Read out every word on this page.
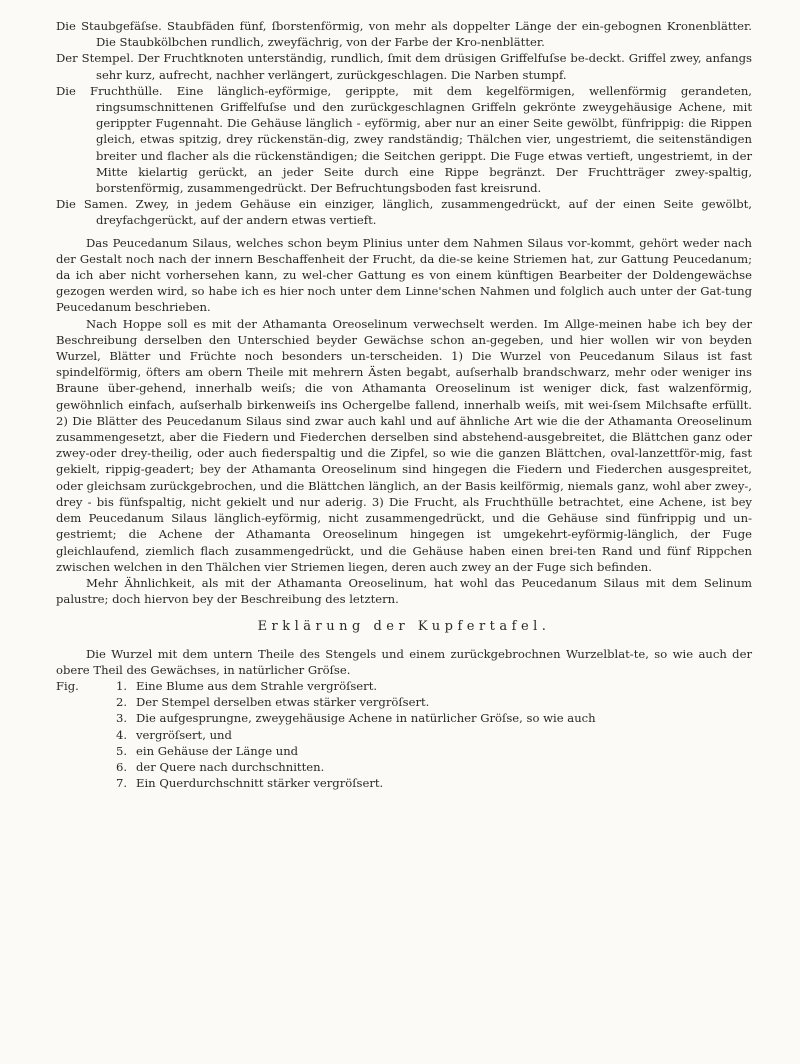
Die Staubgefäſse. Staubfäden fünf, ſborstenförmig, von mehr als doppelter Länge der ein-gebognen Kronenblätter. Die Staubkölbchen rundlich, zweyfächrig, von der Farbe der Kro-nenblätter.

Der Stempel. Der Fruchtknoten unterständig, rundlich, ſmit dem drüsigen Griffelfuſse be-deckt. Griffel zwey, anfangs sehr kurz, aufrecht, nachher verlängert, zurückgeschlagen. Die Narben stumpf.

Die Fruchthülle. Eine länglich-eyförmige, gerippte, mit dem kegelförmigen, wellenförmig gerandeten, ringsumschnittenen Griffelfuſse und den zurückgeschlagnen Griffeln gekrönte zweygehäusige Achene, mit gerippter Fugennaht. Die Gehäuse länglich - eyförmig, aber nur an einer Seite gewölbt, fünfrippig: die Rippen gleich, etwas spitzig, drey rückenstän-dig, zwey randständig; Thälchen vier, ungestriemt, die seitenständigen breiter und flacher als die rückenständigen; die Seitchen gerippt. Die Fuge etwas vertieft, ungestriemt, in der Mitte kielartig gerückt, an jeder Seite durch eine Rippe begränzt. Der Fruchtträger zwey-spaltig, borstenförmig, zusammengedrückt. Der Befruchtungsboden fast kreisrund.

Die Samen. Zwey, in jedem Gehäuse ein einziger, länglich, zusammengedrückt, auf der einen Seite gewölbt, dreyfachgerückt, auf der andern etwas vertieft.

Das Peucedanum Silaus, welches schon beym Plinius unter dem Nahmen Silaus vor-kommt, gehört weder nach der Gestalt noch nach der innern Beschaffenheit der Frucht, da die-se keine Striemen hat, zur Gattung Peucedanum; da ich aber nicht vorhersehen kann, zu wel-cher Gattung es von einem künftigen Bearbeiter der Doldengewächse gezogen werden wird, so habe ich es hier noch unter dem Linne'schen Nahmen und folglich auch unter der Gat-tung Peucedanum beschrieben.

Nach Hoppe soll es mit der Athamanta Oreoselinum verwechselt werden. Im Allge-meinen habe ich bey der Beschreibung derselben den Unterschied beyder Gewächse schon an-gegeben, und hier wollen wir von beyden Wurzel, Blätter und Früchte noch besonders un-terscheiden. 1) Die Wurzel von Peucedanum Silaus ist fast spindelförmig, öfters am obern Theile mit mehrern Ästen begabt, auſserhalb brandschwarz, mehr oder weniger ins Braune über-gehend, innerhalb weiſs; die von Athamanta Oreoselinum ist weniger dick, fast walzenförmig, gewöhnlich einfach, auſserhalb birkenweiſs ins Ochergelbe fallend, innerhalb weiſs, mit wei-ſsem Milchsafte erfüllt. 2) Die Blätter des Peucedanum Silaus sind zwar auch kahl und auf ähnliche Art wie die der Athamanta Oreoselinum zusammengesetzt, aber die Fiedern und Fiederchen derselben sind abstehend-ausgebreitet, die Blättchen ganz oder zwey-oder drey-theilig, oder auch fiederspaltig und die Zipfel, so wie die ganzen Blättchen, oval-lanzettför-mig, fast gekielt, rippig-geadert; bey der Athamanta Oreoselinum sind hingegen die Fiedern und Fiederchen ausgespreitet, oder gleichsam zurückgebrochen, und die Blättchen länglich, an der Basis keilförmig, niemals ganz, wohl aber zwey-, drey - bis fünfspaltig, nicht gekielt und nur aderig. 3) Die Frucht, als Fruchthülle betrachtet, eine Achene, ist bey dem Peucedanum Silaus länglich-eyförmig, nicht zusammengedrückt, und die Gehäuse sind fünfrippig und un-gestriemt; die Achene der Athamanta Oreoselinum hingegen ist umgekehrt-eyförmig-länglich, der Fuge gleichlaufend, ziemlich flach zusammengedrückt, und die Gehäuse haben einen brei-ten Rand und fünf Rippchen zwischen welchen in den Thälchen vier Striemen liegen, deren auch zwey an der Fuge sich befinden.

Mehr Ähnlichkeit, als mit der Athamanta Oreoselinum, hat wohl das Peucedanum Silaus mit dem Selinum palustre; doch hiervon bey der Beschreibung des letztern.

Erklärung der Kupfertafel.

Die Wurzel mit dem untern Theile des Stengels und einem zurückgebrochnen Wurzelblat-te, so wie auch der obere Theil des Gewächses, in natürlicher Gröſse.

Fig.	1. Eine Blume aus dem Strahle vergröſsert.
2. Der Stempel derselben etwas stärker vergröſsert.
3. Die aufgesprungne, zweygehäusige Achene in natürlicher Gröſse, so wie auch
4. vergröſsert, und
5. ein Gehäuse der Länge und
6. der Quere nach durchschnitten.
7. Ein Querdurchschnitt stärker vergröſsert.
